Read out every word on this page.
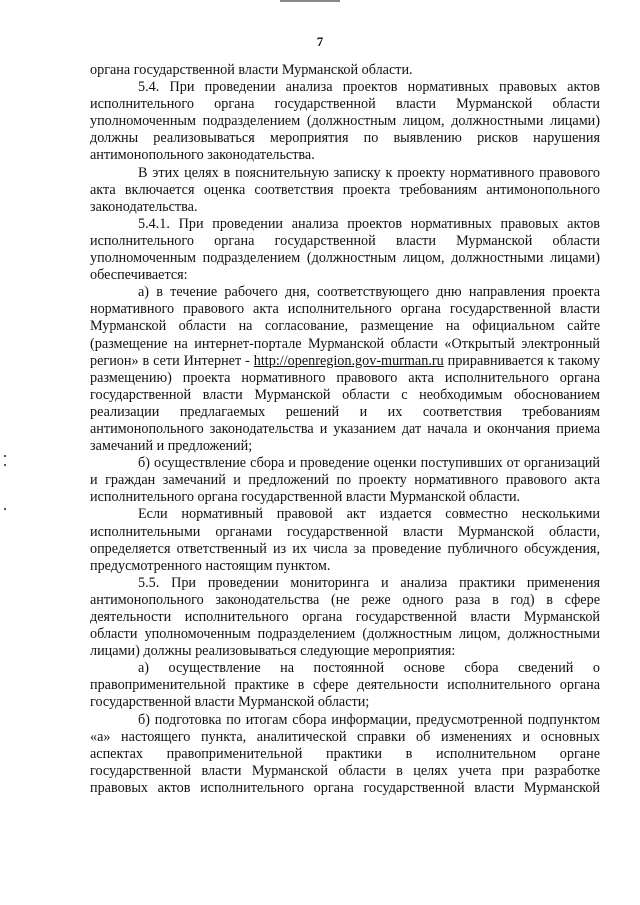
7

органа государственной власти Мурманской области.

5.4. При проведении анализа проектов нормативных правовых актов исполнительного органа государственной власти Мурманской области уполномоченным подразделением (должностным лицом, должностными лицами) должны реализовываться мероприятия по выявлению рисков нарушения антимонопольного законодательства.

В этих целях в пояснительную записку к проекту нормативного правового акта включается оценка соответствия проекта требованиям антимонопольного законодательства.

5.4.1. При проведении анализа проектов нормативных правовых актов исполнительного органа государственной власти Мурманской области уполномоченным подразделением (должностным лицом, должностными лицами) обеспечивается:

а) в течение рабочего дня, соответствующего дню направления проекта нормативного правового акта исполнительного органа государственной власти Мурманской области на согласование, размещение на официальном сайте (размещение на интернет-портале Мурманской области «Открытый электронный регион» в сети Интернет - http://openregion.gov-murman.ru приравнивается к такому размещению) проекта нормативного правового акта исполнительного органа государственной власти Мурманской области с необходимым обоснованием реализации предлагаемых решений и их соответствия требованиям антимонопольного законодательства и указанием дат начала и окончания приема замечаний и предложений;

б) осуществление сбора и проведение оценки поступивших от организаций и граждан замечаний и предложений по проекту нормативного правового акта исполнительного органа государственной власти Мурманской области.

Если нормативный правовой акт издается совместно несколькими исполнительными органами государственной власти Мурманской области, определяется ответственный из их числа за проведение публичного обсуждения, предусмотренного настоящим пунктом.

5.5. При проведении мониторинга и анализа практики применения антимонопольного законодательства (не реже одного раза в год) в сфере деятельности исполнительного органа государственной власти Мурманской области уполномоченным подразделением (должностным лицом, должностными лицами) должны реализовываться следующие мероприятия:

а) осуществление на постоянной основе сбора сведений о правоприменительной практике в сфере деятельности исполнительного органа государственной власти Мурманской области;

б) подготовка по итогам сбора информации, предусмотренной подпунктом «а» настоящего пункта, аналитической справки об изменениях и основных аспектах правоприменительной практики в исполнительном органе государственной власти Мурманской области в целях учета при разработке правовых актов исполнительного органа государственной власти Мурманской
